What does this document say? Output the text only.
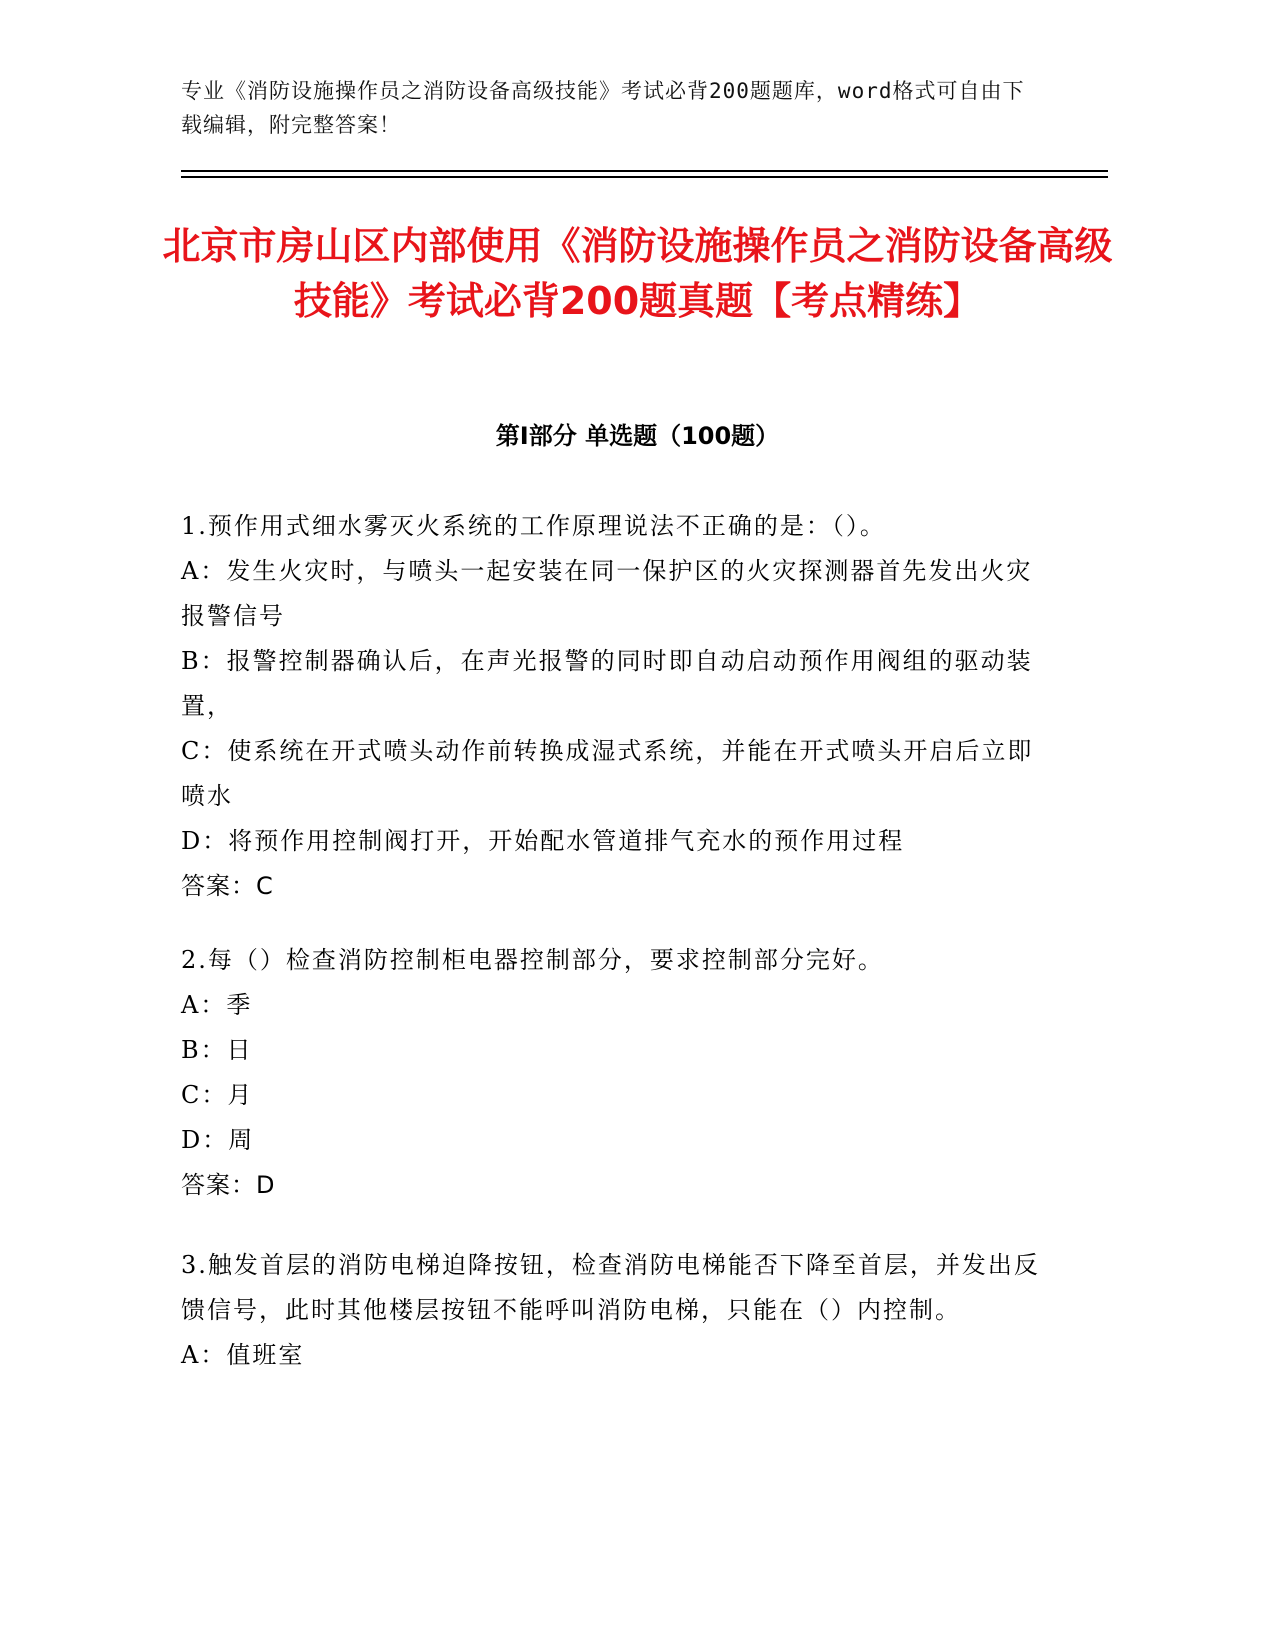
专业《消防设施操作员之消防设备高级技能》考试必背200题题库，word格式可自由下载编辑，附完整答案！
北京市房山区内部使用《消防设施操作员之消防设备高级技能》考试必背200题真题【考点精练】
第Ⅰ部分 单选题（100题）
1.预作用式细水雾灭火系统的工作原理说法不正确的是：（）。
A：发生火灾时，与喷头一起安装在同一保护区的火灾探测器首先发出火灾报警信号
B：报警控制器确认后，在声光报警的同时即自动启动预作用阀组的驱动装置，
C：使系统在开式喷头动作前转换成湿式系统，并能在开式喷头开启后立即喷水
D：将预作用控制阀打开，开始配水管道排气充水的预作用过程
答案：C
2.每（）检查消防控制柜电器控制部分，要求控制部分完好。
A：季
B：日
C：月
D：周
答案：D
3.触发首层的消防电梯迫降按钮，检查消防电梯能否下降至首层，并发出反馈信号，此时其他楼层按钮不能呼叫消防电梯，只能在（）内控制。
A：值班室
